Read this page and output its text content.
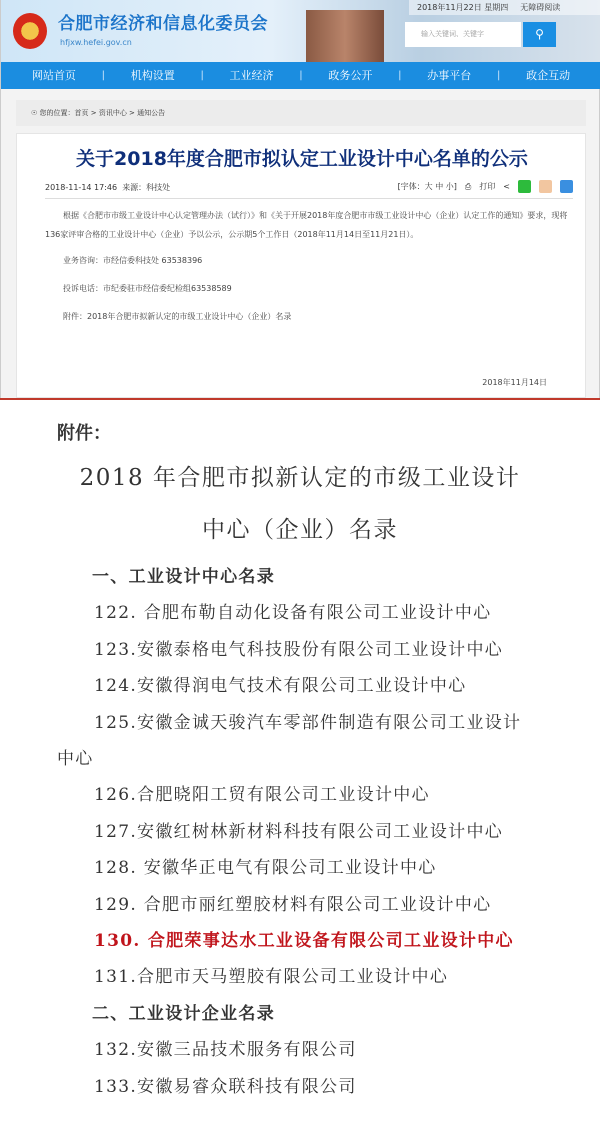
合肥市经济和信息化委员会
hfjxw.hefei.gov.cn
2018年11月22日 星期四 无障碍阅读
输入关键词、关键字	⚲
网站首页	| 机构设置	| 工业经济	| 政务公开	| 办事平台	| 政企互动
☉ 您的位置：首页 > 资讯中心 > 通知公告
关于2018年度合肥市拟认定工业设计中心名单的公示
2018-11-14 17:46 来源：科技处	[字体：大 中 小] ⎙ 打印 <

根据《合肥市市级工业设计中心认定管理办法（试行）》和《关于开展2018年度合肥市市级工业设计中心（企业）认定工作的通知》要求，现将136家评审合格的工业设计中心（企业）予以公示，公示期5个工作日（2018年11月14日至11月21日）。

业务咨询：市经信委科技处 63538396

投诉电话：市纪委驻市经信委纪检组63538589

附件：2018年合肥市拟新认定的市级工业设计中心（企业）名录

2018年11月14日
附件：
2018 年合肥市拟新认定的市级工业设计
中心（企业）名录
一、工业设计中心名录
122. 合肥布勒自动化设备有限公司工业设计中心
123.安徽泰格电气科技股份有限公司工业设计中心
124.安徽得润电气技术有限公司工业设计中心
125.安徽金诚天骏汽车零部件制造有限公司工业设计
中心
126.合肥晓阳工贸有限公司工业设计中心
127.安徽红树林新材料科技有限公司工业设计中心
128. 安徽华正电气有限公司工业设计中心
129. 合肥市丽红塑胶材料有限公司工业设计中心
130. 合肥荣事达水工业设备有限公司工业设计中心
131.合肥市天马塑胶有限公司工业设计中心
二、工业设计企业名录
132.安徽三品技术服务有限公司
133.安徽易睿众联科技有限公司
